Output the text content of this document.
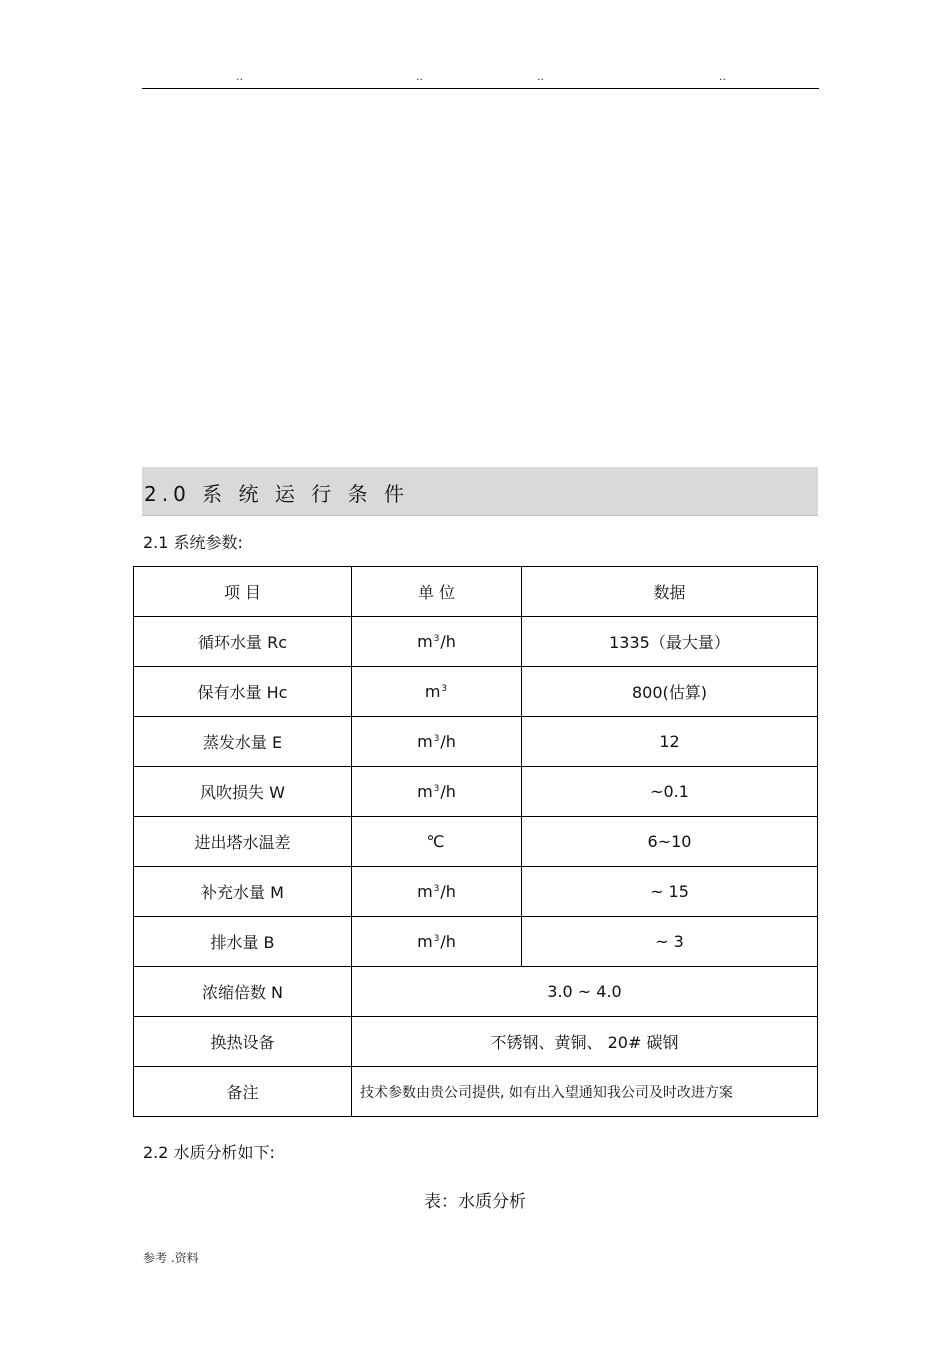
..	..	..	..
2.0 系 统 运 行 条 件
2.1 系统参数:
项 目	单 位	数据
循环水量 Rc	$m^3/h$	1335（最大量）
保有水量 Hc	$m^3$	800(估算)
蒸发水量 E	$m^3/h$	12
风吹损失 W	$m^3/h$	~0.1
进出塔水温差	℃	6~10
补充水量 M	$m^3/h$	~ 15
排水量 B	$m^3/h$	~ 3
浓缩倍数 N	3.0 ~ 4.0	
换热设备	不锈钢、黄铜、 20# 碳钢	
备注	技术参数由贵公司提供, 如有出入望通知我公司及时改进方案	
2.2 水质分析如下:
表：水质分析
参考 .资料
